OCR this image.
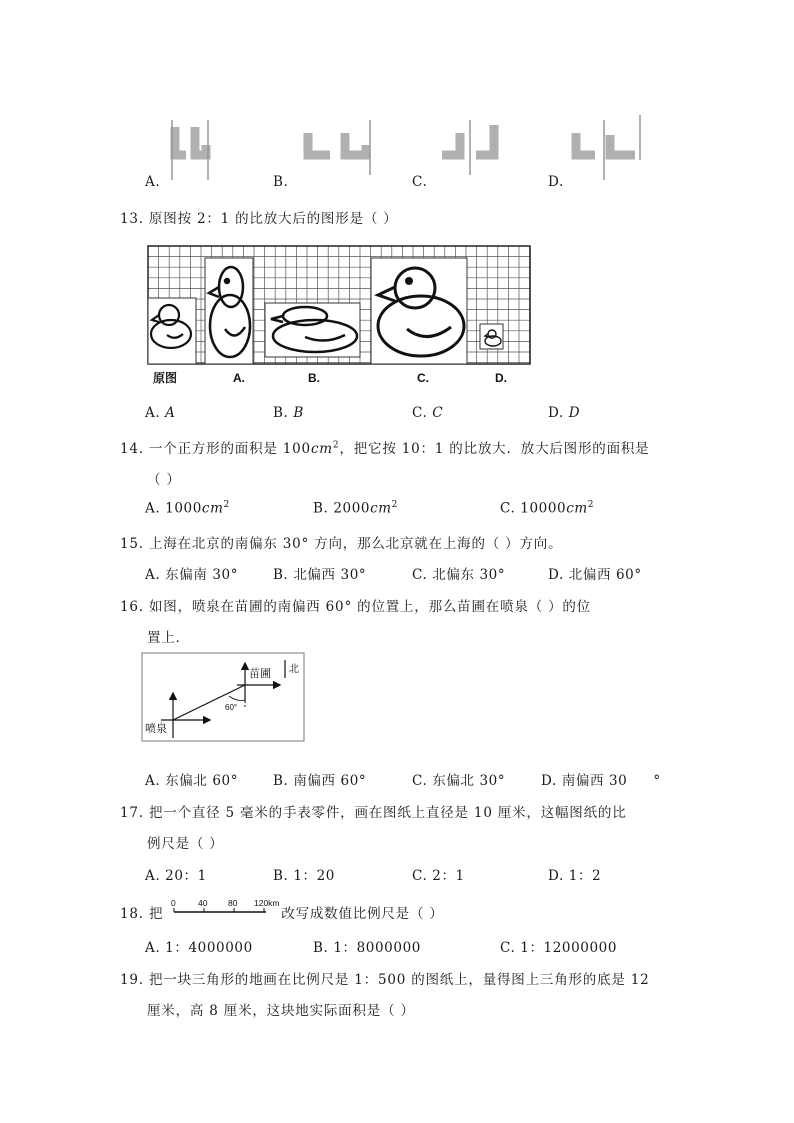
A.	B.	C.	D.
13. 原图按 2：1 的比放大后的图形是（ ）
原图	A.	B.	C.	D.
A. A	B. B	C. C	D. D
14. 一个正方形的面积是 $100cm^2$，把它按 10：1 的比放大．放大后图形的面积是
（ ）
A. $1000cm^2$	B. $2000cm^2$	C. $10000cm^2$
15. 上海在北京的南偏东 30° 方向，那么北京就在上海的（ ）方向。
A. 东偏南 30°	B. 北偏西 30°	C. 北偏东 30°	D. 北偏西 60°
16. 如图，喷泉在苗圃的南偏西 60° 的位置上，那么苗圃在喷泉（ ）的位
置上．
60°
喷泉
苗圃 北
A. 东偏北 60°	B. 南偏西 60°	C. 东偏北 30°	D. 南偏西 30 °
17. 把一个直径 5 毫米的手表零件，画在图纸上直径是 10 厘米，这幅图纸的比
例尺是（ ）
A. 20：1	B. 1：20	C. 2：1	D. 1：2
18. 把	改写成数值比例尺是（ ）
0	40 80 120km
A. 1：4000000	B. 1：8000000	C. 1：12000000
19. 把一块三角形的地画在比例尺是 1：500 的图纸上，量得图上三角形的底是 12
厘米，高 8 厘米，这块地实际面积是（ ）
